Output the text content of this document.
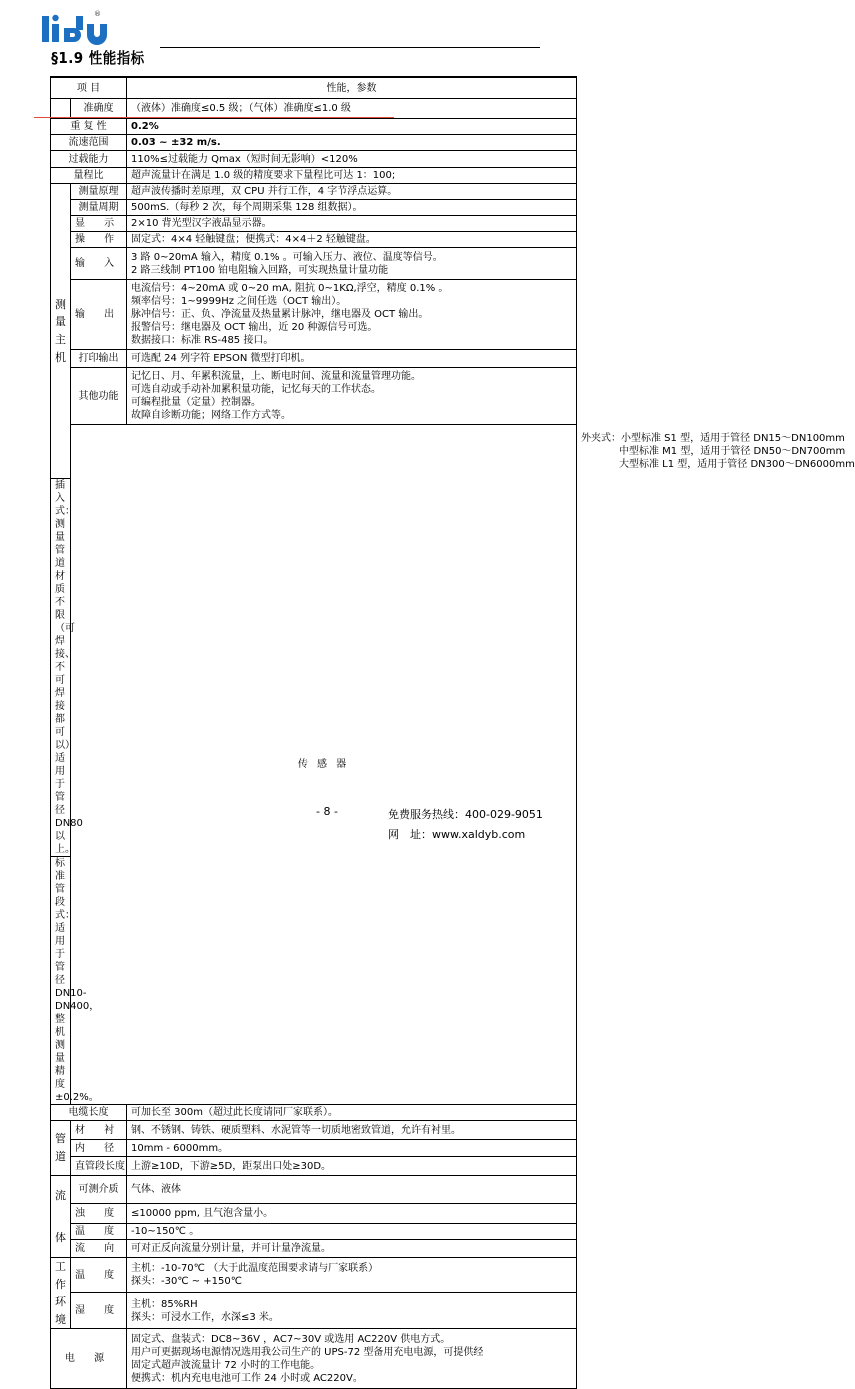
®
§1.9 性能指标
项 目		性能，参数	
	准确度	（液体）准确度≤0.5 级；（气体）准确度≤1.0 级	
重 复 性		0.2%	
流速范围		0.03 ~ ±32 m/s.	
过载能力		110%≤过载能力 Qmax（短时间无影响）<120%	
量程比		超声流量计在满足 1.0 级的精度要求下量程比可达 1：100;	

测
量
主
机	测量原理	超声波传播时差原理，双 CPU 并行工作，4 字节浮点运算。	
	测量周期	500mS.（每秒 2 次，每个周期采集 128 组数据）。	
	显 示	2×10 背光型汉字液晶显示器。	
	操 作	固定式：4×4 轻触键盘；便携式：4×4＋2 轻触键盘。	
	输 入	3 路 0~20mA 输入，精度 0.1% 。可输入压力、液位、温度等信号。
2 路三线制 PT100 铂电阻输入回路，可实现热量计量功能	

	输 出	电流信号：4~20mA 或 0~20 mA, 阻抗 0~1KΩ,浮空，精度 0.1% 。
频率信号：1~9999Hz 之间任选（OCT 输出）。
脉冲信号：正、负、净流量及热量累计脉冲，继电器及 OCT 输出。
报警信号：继电器及 OCT 输出，近 20 种源信号可选。
数据接口：标准 RS-485 接口。	

	打印输出	可选配 24 列字符 EPSON 微型打印机。	
	其他功能	记忆日、月、年累积流量，上、断电时间、流量和流量管理功能。
可选自动或手动补加累积量功能，记忆每天的工作状态。
可编程批量（定量）控制器。
故障自诊断功能；网络工作方式等。	

	传 感 器		外夹式：小型标准 S1 型，适用于管径 DN15～DN100mm
中型标准 M1 型，适用于管径 DN50～DN700mm
大型标准 L1 型，适用于管径 DN300～DN6000mm

插入式：测量管道材质不限（可焊接、不可焊接都可以）适用于管径 DN80 以上。			
标准管段式：适用于管径 DN10-DN400，整机测量精度±0.2%。			
电缆长度		可加长至 300m（超过此长度请同厂家联系）。	

管
道	材 衬	钢、不锈钢、铸铁、硬质塑料、水泥管等一切质地密致管道，允许有衬里。	
	内 径	10mm - 6000mm。	
	直管段长度	上游≥10D，下游≥5D，距泵出口处≥30D。	

流
体	可测介质	气体、液体	
	浊 度	≤10000 ppm, 且气泡含量小。	
	温 度	-10~150℃ 。	
	流 向	可对正反向流量分别计量，并可计量净流量。	

工
作
环
境	温 度	主机：-10-70℃ （大于此温度范围要求请与厂家联系）
探头：-30℃ ~ +150℃	

	湿 度	主机：85%RH
探头：可浸水工作，水深≤3 米。	

电 源		固定式、盘装式：DC8~36V ，AC7~30V 或选用 AC220V 供电方式。
用户可更据现场电源情况选用我公司生产的 UPS-72 型备用充电电源，可提供经
固定式超声波流量计 72 小时的工作电能。
便携式：机内充电电池可工作 24 小时或 AC220V。	
- 8 -	免费服务热线：400-029-9051
网　址：www.xaldyb.com
